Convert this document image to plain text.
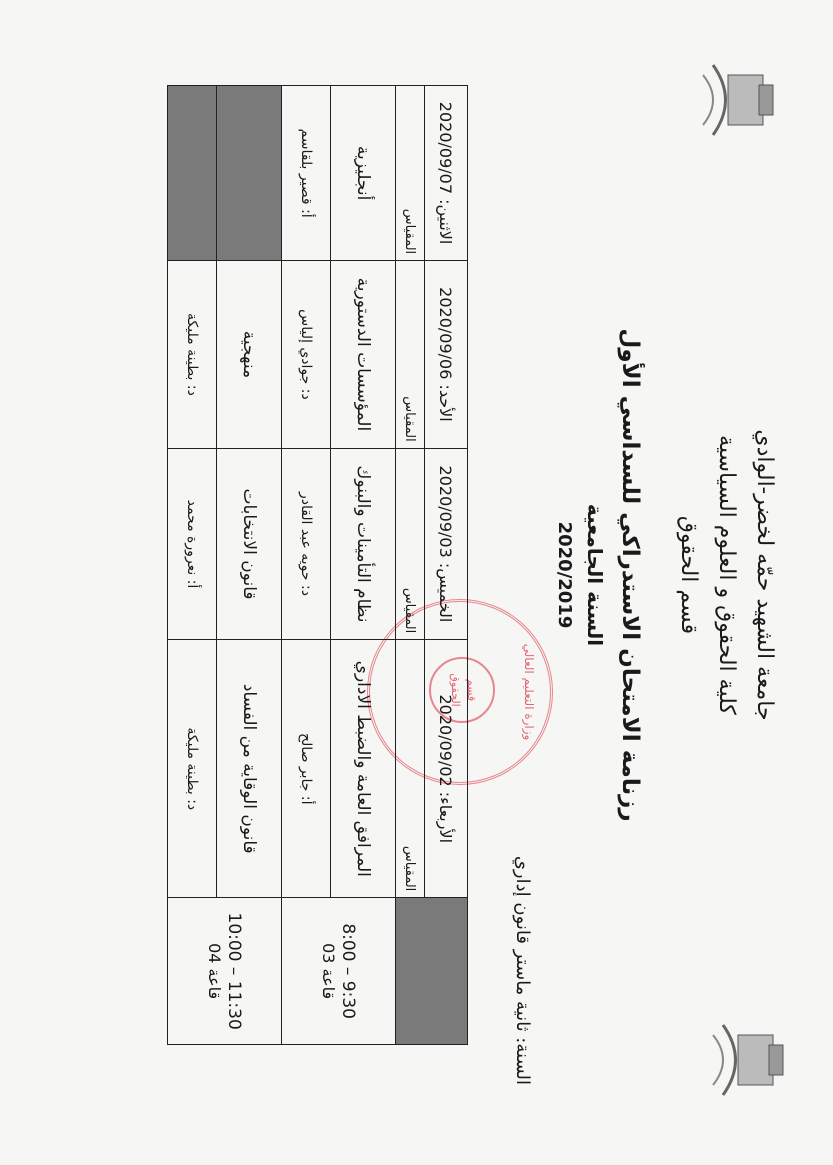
جامعة الشهيد حمّه لخضر-الوادي
كلية الحقوق و العلوم السياسية
قسم الحقوق
رزنامة الامتحان الاستدراكي للسداسي الأول
السنة الجامعية
2020/2019
السنة: ثانية ماستر قانون إداري
وزارة التعليم العالي
قسم
الحقوق
	الأربعاء: 2020/09/02	الخميس: 2020/09/03	الأحد: 2020/09/06	الاثنين: 2020/09/07
	المقياس	المقياس	المقياس	المقياس

8:00 – 9:30
قاعة 03	المرافق العامة والضبط الاداري	نظام التأمينات والبنوك	المؤسسات الدستورية	أنجليزية
	أ: جابر صالح	د: حويه عبد القادر	د: جوادي إلياس	أ: قصير بلقاسم

10:00 – 11:30
قاعة 04	قانون الوقاية من الفساد	قانون الانتخابات	منهجية	
	د: بطينة مليكة	أ: نعرورة محمد	د: بطينة مليكة	
